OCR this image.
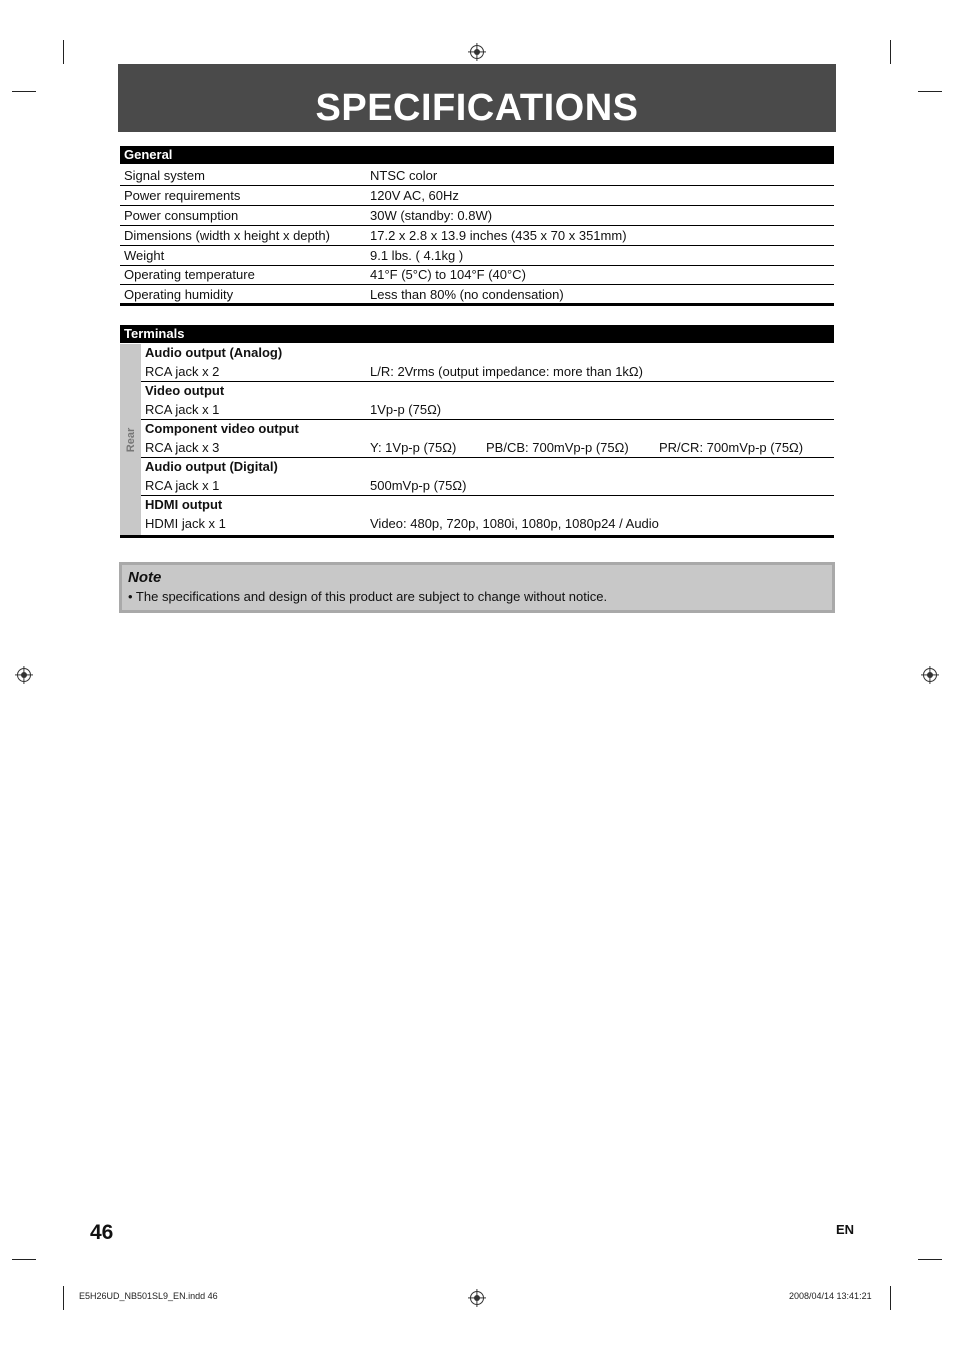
SPECIFICATIONS
General
Signal system	NTSC color
Power requirements	120V AC, 60Hz
Power consumption	30W (standby: 0.8W)
Dimensions (width x height x depth)	17.2 x 2.8 x 13.9 inches (435 x 70 x 351mm)
Weight	9.1 lbs. ( 4.1kg )
Operating temperature	41°F (5°C) to 104°F (40°C)
Operating humidity	Less than 80% (no condensation)
Terminals
Rear
Audio output (Analog)
RCA jack x 2	L/R: 2Vrms (output impedance: more than 1kΩ)
Video output
RCA jack x 1	1Vp-p (75Ω)
Component video output
RCA jack x 3	Y: 1Vp-p (75Ω) PB/CB: 700mVp-p (75Ω) PR/CR: 700mVp-p (75Ω)
Audio output (Digital)
RCA jack x 1	500mVp-p (75Ω)
HDMI output
HDMI jack x 1	Video: 480p, 720p, 1080i, 1080p, 1080p24 / Audio
Note
• The specifications and design of this product are subject to change without notice.
46	EN
E5H26UD_NB501SL9_EN.indd 46	2008/04/14 13:41:21
